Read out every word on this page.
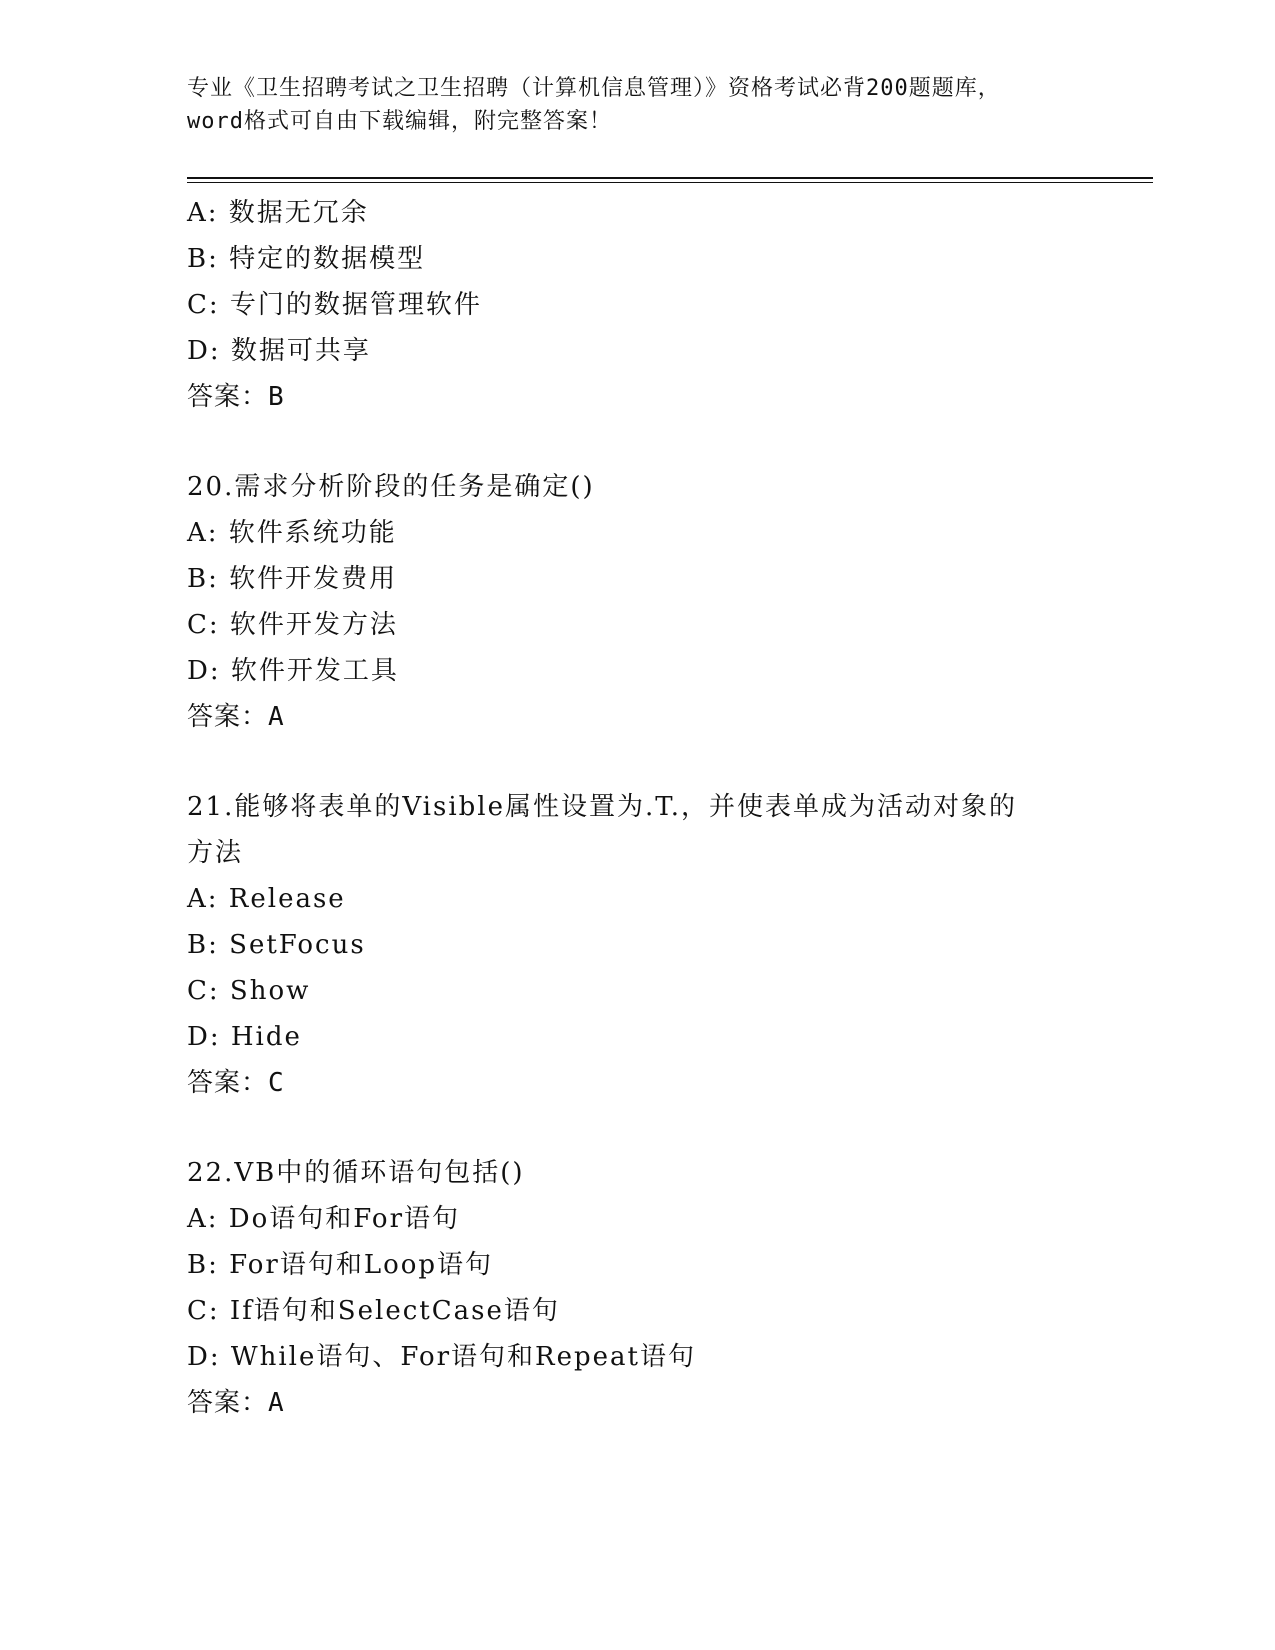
专业《卫生招聘考试之卫生招聘（计算机信息管理）》资格考试必背200题题库，
word格式可自由下载编辑，附完整答案！
A: 数据无冗余
B: 特定的数据模型
C: 专门的数据管理软件
D: 数据可共享
答案：B
20.需求分析阶段的任务是确定()
A: 软件系统功能
B: 软件开发费用
C: 软件开发方法
D: 软件开发工具
答案：A
21.能够将表单的Visible属性设置为.T.，并使表单成为活动对象的
方法
A: Release
B: SetFocus
C: Show
D: Hide
答案：C
22.VB中的循环语句包括()
A: Do语句和For语句
B: For语句和Loop语句
C: If语句和SelectCase语句
D: While语句、For语句和Repeat语句
答案：A
